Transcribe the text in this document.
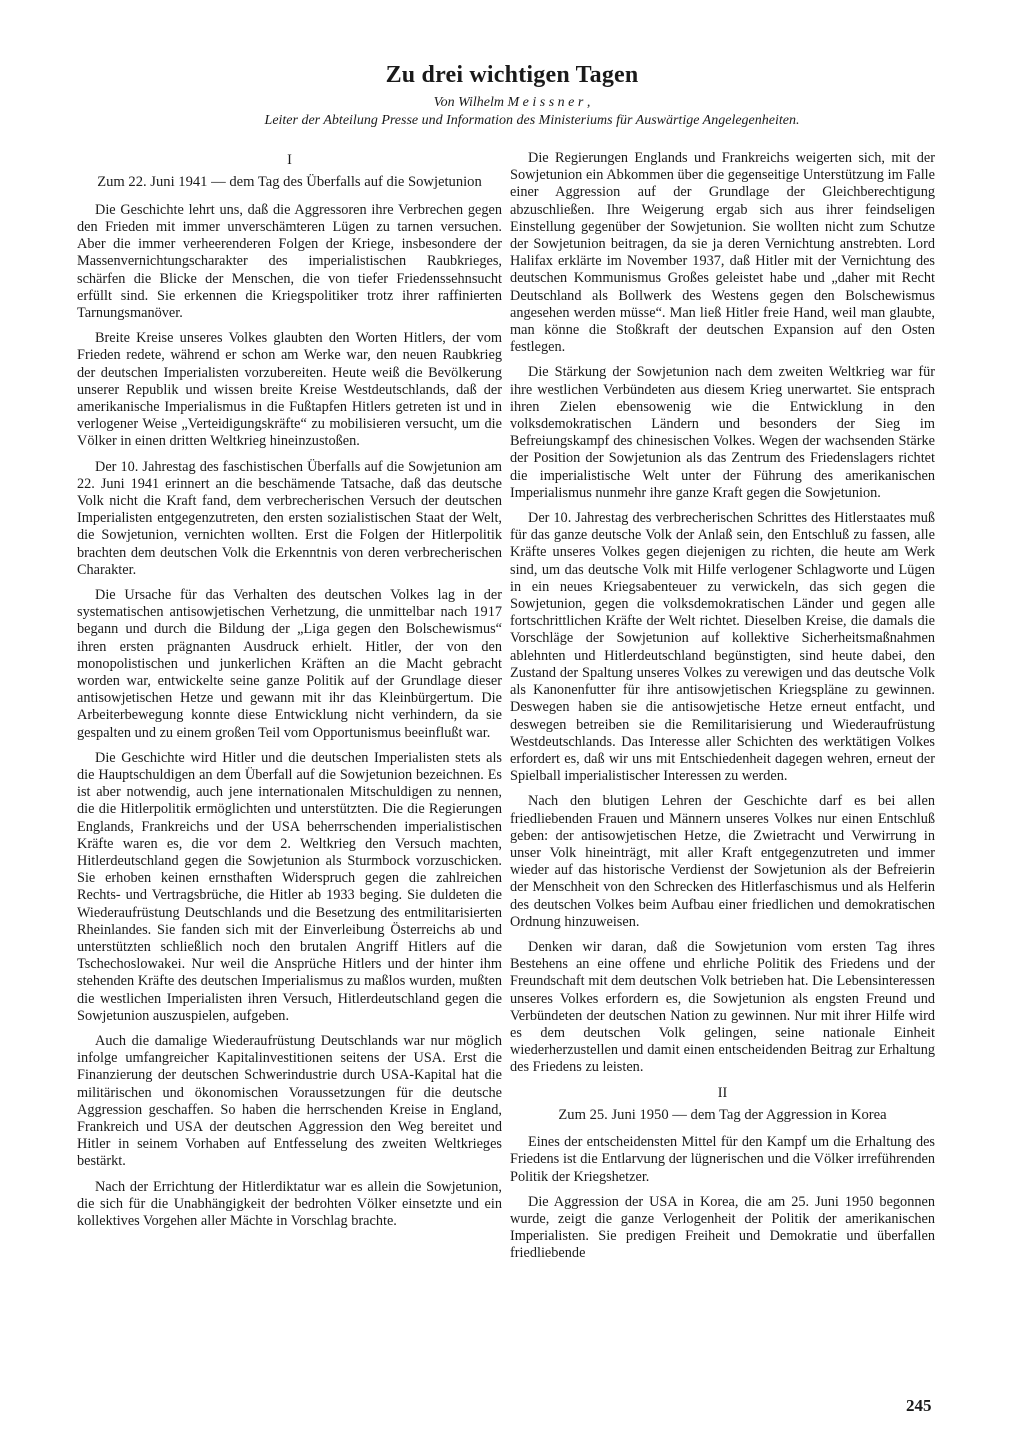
Zu drei wichtigen Tagen
Von Wilhelm M e i s s n e r ,
Leiter der Abteilung Presse und Information des Ministeriums für Auswärtige Angelegenheiten.
I
Zum 22. Juni 1941 — dem Tag des Überfalls auf die Sowjetunion

Die Geschichte lehrt uns, daß die Aggressoren ihre Verbrechen gegen den Frieden mit immer unverschämteren Lügen zu tarnen versuchen. Aber die immer verheerenderen Folgen der Kriege, insbesondere der Massenvernichtungscharakter des imperialistischen Raubkrieges, schärfen die Blicke der Menschen, die von tiefer Friedenssehnsucht erfüllt sind. Sie erkennen die Kriegspolitiker trotz ihrer raffinierten Tarnungsmanöver.

Breite Kreise unseres Volkes glaubten den Worten Hitlers, der vom Frieden redete, während er schon am Werke war, den neuen Raubkrieg der deutschen Imperialisten vorzubereiten. Heute weiß die Bevölkerung unserer Republik und wissen breite Kreise Westdeutschlands, daß der amerikanische Imperialismus in die Fußtapfen Hitlers getreten ist und in verlogener Weise „Verteidigungskräfte“ zu mobilisieren versucht, um die Völker in einen dritten Weltkrieg hineinzustoßen.

Der 10. Jahrestag des faschistischen Überfalls auf die Sowjetunion am 22. Juni 1941 erinnert an die beschämende Tatsache, daß das deutsche Volk nicht die Kraft fand, dem verbrecherischen Versuch der deutschen Imperialisten entgegenzutreten, den ersten sozialistischen Staat der Welt, die Sowjetunion, vernichten wollten. Erst die Folgen der Hitlerpolitik brachten dem deutschen Volk die Erkenntnis von deren verbrecherischen Charakter.

Die Ursache für das Verhalten des deutschen Volkes lag in der systematischen antisowjetischen Verhetzung, die unmittelbar nach 1917 begann und durch die Bildung der „Liga gegen den Bolschewismus“ ihren ersten prägnanten Ausdruck erhielt. Hitler, der von den monopolistischen und junkerlichen Kräften an die Macht gebracht worden war, entwickelte seine ganze Politik auf der Grundlage dieser antisowjetischen Hetze und gewann mit ihr das Kleinbürgertum. Die Arbeiterbewegung konnte diese Entwicklung nicht verhindern, da sie gespalten und zu einem großen Teil vom Opportunismus beeinflußt war.

Die Geschichte wird Hitler und die deutschen Imperialisten stets als die Hauptschuldigen an dem Überfall auf die Sowjetunion bezeichnen. Es ist aber notwendig, auch jene internationalen Mitschuldigen zu nennen, die die Hitlerpolitik ermöglichten und unterstützten. Die die Regierungen Englands, Frankreichs und der USA beherrschenden imperialistischen Kräfte waren es, die vor dem 2. Weltkrieg den Versuch machten, Hitlerdeutschland gegen die Sowjetunion als Sturmbock vorzuschicken. Sie erhoben keinen ernsthaften Widerspruch gegen die zahlreichen Rechts- und Vertragsbrüche, die Hitler ab 1933 beging. Sie duldeten die Wiederaufrüstung Deutschlands und die Besetzung des entmilitarisierten Rheinlandes. Sie fanden sich mit der Einverleibung Österreichs ab und unterstützten schließlich noch den brutalen Angriff Hitlers auf die Tschechoslowakei. Nur weil die Ansprüche Hitlers und der hinter ihm stehenden Kräfte des deutschen Imperialismus zu maßlos wurden, mußten die westlichen Imperialisten ihren Versuch, Hitlerdeutschland gegen die Sowjetunion auszuspielen, aufgeben.

Auch die damalige Wiederaufrüstung Deutschlands war nur möglich infolge umfangreicher Kapitalinvestitionen seitens der USA. Erst die Finanzierung der deutschen Schwerindustrie durch USA-Kapital hat die militärischen und ökonomischen Voraussetzungen für die deutsche Aggression geschaffen. So haben die herrschenden Kreise in England, Frankreich und USA der deutschen Aggression den Weg bereitet und Hitler in seinem Vorhaben auf Entfesselung des zweiten Weltkrieges bestärkt.

Nach der Errichtung der Hitlerdiktatur war es allein die Sowjetunion, die sich für die Unabhängigkeit der bedrohten Völker einsetzte und ein kollektives Vorgehen aller Mächte in Vorschlag brachte.

Die Regierungen Englands und Frankreichs weigerten sich, mit der Sowjetunion ein Abkommen über die gegenseitige Unterstützung im Falle einer Aggression auf der Grundlage der Gleichberechtigung abzuschließen. Ihre Weigerung ergab sich aus ihrer feindseligen Einstellung gegenüber der Sowjetunion. Sie wollten nicht zum Schutze der Sowjetunion beitragen, da sie ja deren Vernichtung anstrebten. Lord Halifax erklärte im November 1937, daß Hitler mit der Vernichtung des deutschen Kommunismus Großes geleistet habe und „daher mit Recht Deutschland als Bollwerk des Westens gegen den Bolschewismus angesehen werden müsse“. Man ließ Hitler freie Hand, weil man glaubte, man könne die Stoßkraft der deutschen Expansion auf den Osten festlegen.

Die Stärkung der Sowjetunion nach dem zweiten Weltkrieg war für ihre westlichen Verbündeten aus diesem Krieg unerwartet. Sie entsprach ihren Zielen ebensowenig wie die Entwicklung in den volksdemokratischen Ländern und besonders der Sieg im Befreiungskampf des chinesischen Volkes. Wegen der wachsenden Stärke der Position der Sowjetunion als das Zentrum des Friedenslagers richtet die imperialistische Welt unter der Führung des amerikanischen Imperialismus nunmehr ihre ganze Kraft gegen die Sowjetunion.

Der 10. Jahrestag des verbrecherischen Schrittes des Hitlerstaates muß für das ganze deutsche Volk der Anlaß sein, den Entschluß zu fassen, alle Kräfte unseres Volkes gegen diejenigen zu richten, die heute am Werk sind, um das deutsche Volk mit Hilfe verlogener Schlagworte und Lügen in ein neues Kriegsabenteuer zu verwickeln, das sich gegen die Sowjetunion, gegen die volksdemokratischen Länder und gegen alle fortschrittlichen Kräfte der Welt richtet. Dieselben Kreise, die damals die Vorschläge der Sowjetunion auf kollektive Sicherheitsmaßnahmen ablehnten und Hitlerdeutschland begünstigten, sind heute dabei, den Zustand der Spaltung unseres Volkes zu verewigen und das deutsche Volk als Kanonenfutter für ihre antisowjetischen Kriegspläne zu gewinnen. Deswegen haben sie die antisowjetische Hetze erneut entfacht, und deswegen betreiben sie die Remilitarisierung und Wiederaufrüstung Westdeutschlands. Das Interesse aller Schichten des werktätigen Volkes erfordert es, daß wir uns mit Entschiedenheit dagegen wehren, erneut der Spielball imperialistischer Interessen zu werden.

Nach den blutigen Lehren der Geschichte darf es bei allen friedliebenden Frauen und Männern unseres Volkes nur einen Entschluß geben: der antisowjetischen Hetze, die Zwietracht und Verwirrung in unser Volk hineinträgt, mit aller Kraft entgegenzutreten und immer wieder auf das historische Verdienst der Sowjetunion als der Befreierin der Menschheit von den Schrecken des Hitlerfaschismus und als Helferin des deutschen Volkes beim Aufbau einer friedlichen und demokratischen Ordnung hinzuweisen.

Denken wir daran, daß die Sowjetunion vom ersten Tag ihres Bestehens an eine offene und ehrliche Politik des Friedens und der Freundschaft mit dem deutschen Volk betrieben hat. Die Lebensinteressen unseres Volkes erfordern es, die Sowjetunion als engsten Freund und Verbündeten der deutschen Nation zu gewinnen. Nur mit ihrer Hilfe wird es dem deutschen Volk gelingen, seine nationale Einheit wiederherzustellen und damit einen entscheidenden Beitrag zur Erhaltung des Friedens zu leisten.

II
Zum 25. Juni 1950 — dem Tag der Aggression in Korea

Eines der entscheidensten Mittel für den Kampf um die Erhaltung des Friedens ist die Entlarvung der lügnerischen und die Völker irreführenden Politik der Kriegshetzer.

Die Aggression der USA in Korea, die am 25. Juni 1950 begonnen wurde, zeigt die ganze Verlogenheit der Politik der amerikanischen Imperialisten. Sie predigen Freiheit und Demokratie und überfallen friedliebende

245
